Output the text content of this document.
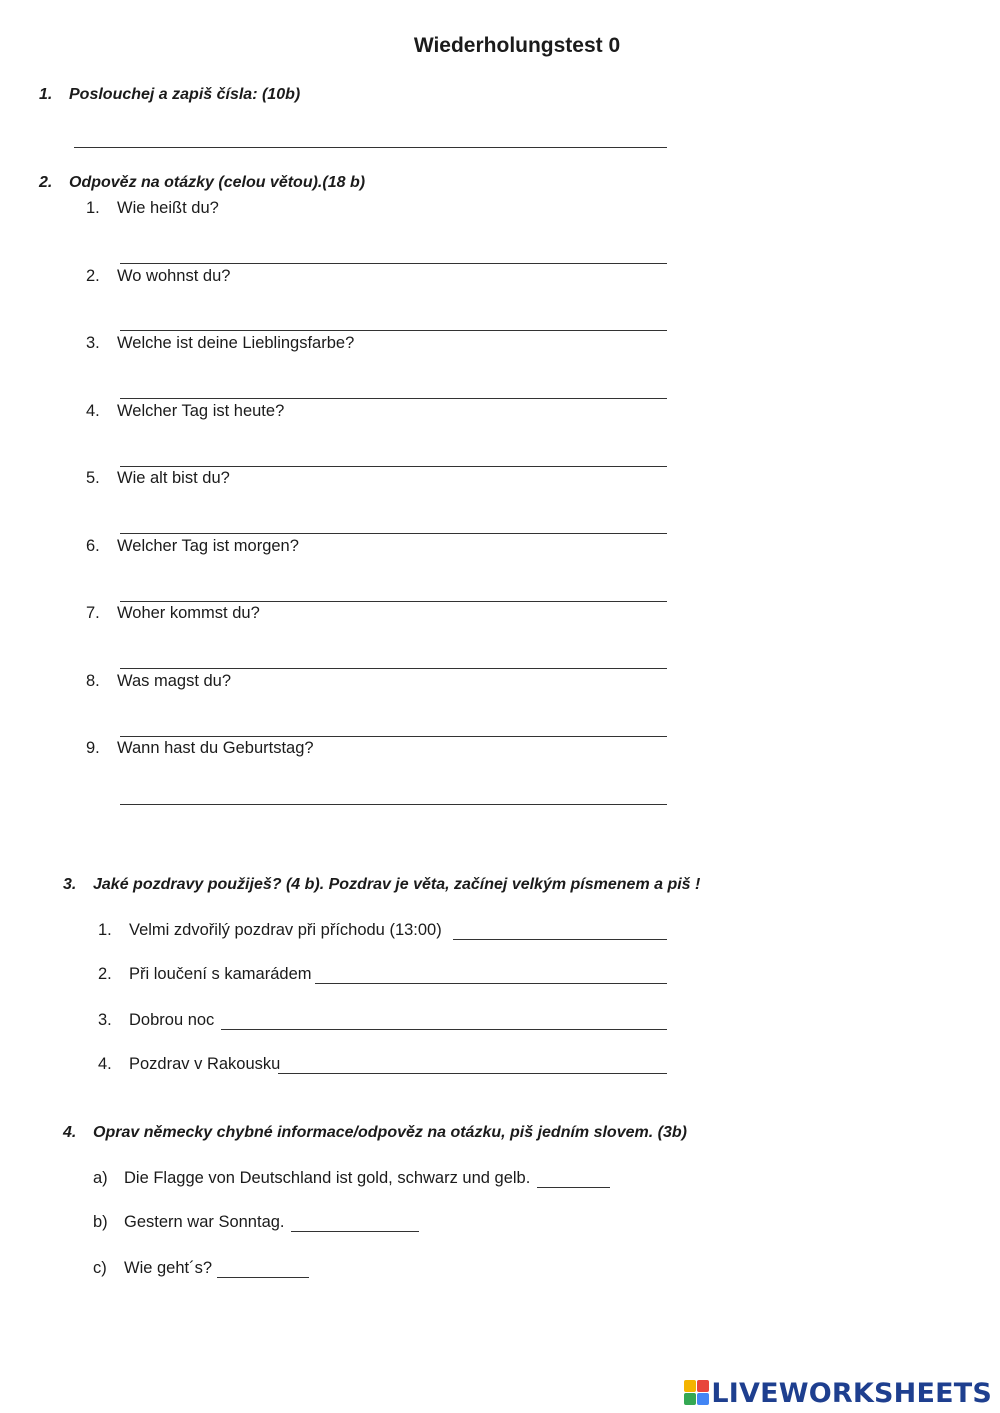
Wiederholungstest 0
1. Poslouchej a zapiš čísla: (10b)
2. Odpověz na otázky (celou větou).(18 b)
1. Wie heißt du?
2. Wo wohnst du?
3. Welche ist deine Lieblingsfarbe?
4. Welcher Tag ist heute?
5. Wie alt bist du?
6. Welcher Tag ist morgen?
7. Woher kommst du?
8. Was magst du?
9. Wann hast du Geburtstag?
3. Jaké pozdravy použiješ? (4 b). Pozdrav je věta, začínej velkým písmenem a piš !
1. Velmi zdvořilý pozdrav při příchodu (13:00)
2. Při loučení s kamarádem
3. Dobrou noc
4. Pozdrav v Rakousku
4. Oprav německy chybné informace/odpověz na otázku, piš jedním slovem. (3b)
a) Die Flagge von Deutschland ist gold, schwarz und gelb.
b) Gestern war Sonntag.
c) Wie geht´s?
LIVEWORKSHEETS
